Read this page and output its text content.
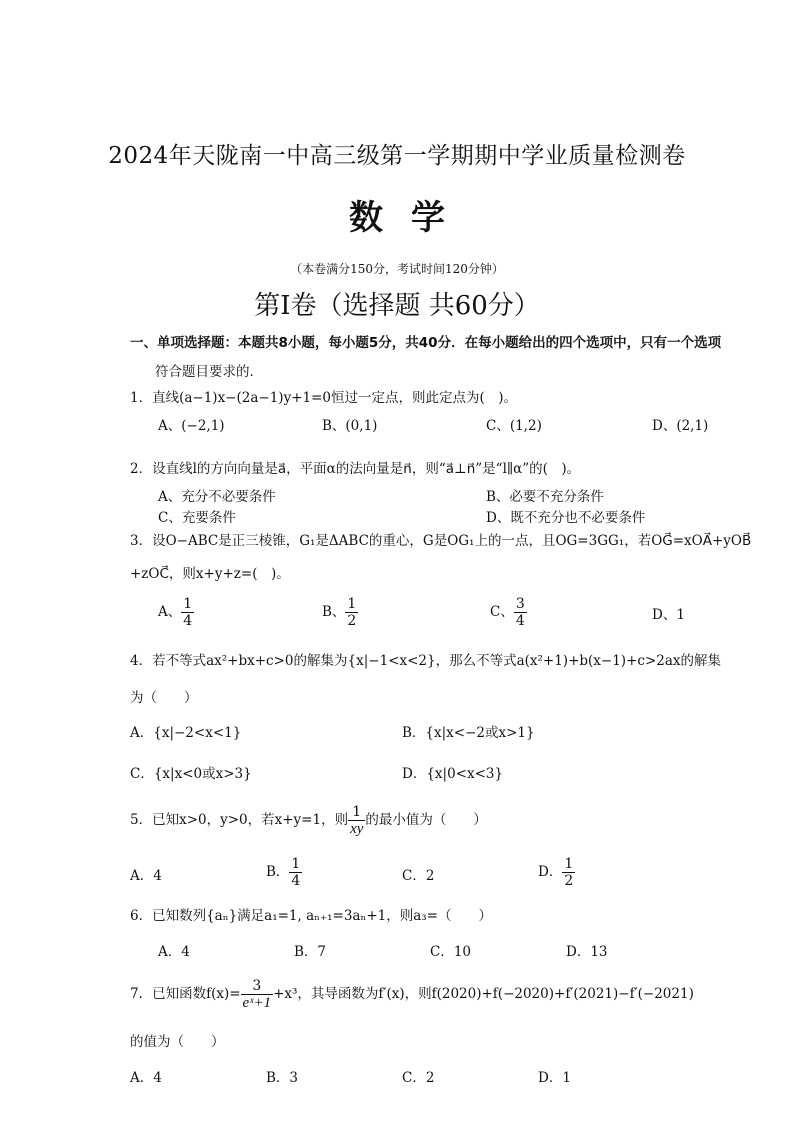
2024年天陇南一中高三级第一学期期中学业质量检测卷
数学
（本卷满分150分，考试时间120分钟）
第I卷（选择题 共60分）
一、单项选择题：本题共8小题，每小题5分，共40分．在每小题给出的四个选项中，只有一个选项
符合题目要求的.
1．直线(a−1)x−(2a−1)y+1=0恒过一定点，则此定点为(　)。
A、(−2,1)	B、(0,1)	C、(1,2)	D、(2,1)
2．设直线l的方向向量是a⃗，平面α的法向量是n⃗，则“a⃗⊥n⃗”是“l∥α”的(　)。
A、充分不必要条件	B、必要不充分条件
C、充要条件	D、既不充分也不必要条件
3．设O−ABC是正三棱锥，G₁是ΔABC的重心，G是OG₁上的一点，且OG=3GG₁，若OG⃗=xOA⃗+yOB⃗
+zOC⃗，则x+y+z=(　)。
A、 $\frac{1}{4}$	B、 $\frac{1}{2}$	C、 $\frac{3}{4}$	D、1
4．若不等式ax²+bx+c>0的解集为{x|−1<x<2}，那么不等式a(x²+1)+b(x−1)+c>2ax的解集
为（　　）
A．{x|−2<x<1}	B．{x|x<−2或x>1}
C．{x|x<0或x>3}	D．{x|0<x<3}
5．已知x>0，y>0，若x+y=1，则 $\frac{1}{xy}$ 的最小值为（　　）
A．4	B． $\frac{1}{4}$	C．2	D． $\frac{1}{2}$
6．已知数列{aₙ}满足a₁=1, aₙ₊₁=3aₙ+1，则a₃=（　　）
A．4	B．7	C．10	D．13
7．已知函数$f(x)= \frac{3}{\text{eˣ+1}} +x^3$，其导函数为f′(x)，则f(2020)+f(−2020)+f′(2021)−f′(−2021)
的值为（　　）
A．4	B．3	C．2	D．1
